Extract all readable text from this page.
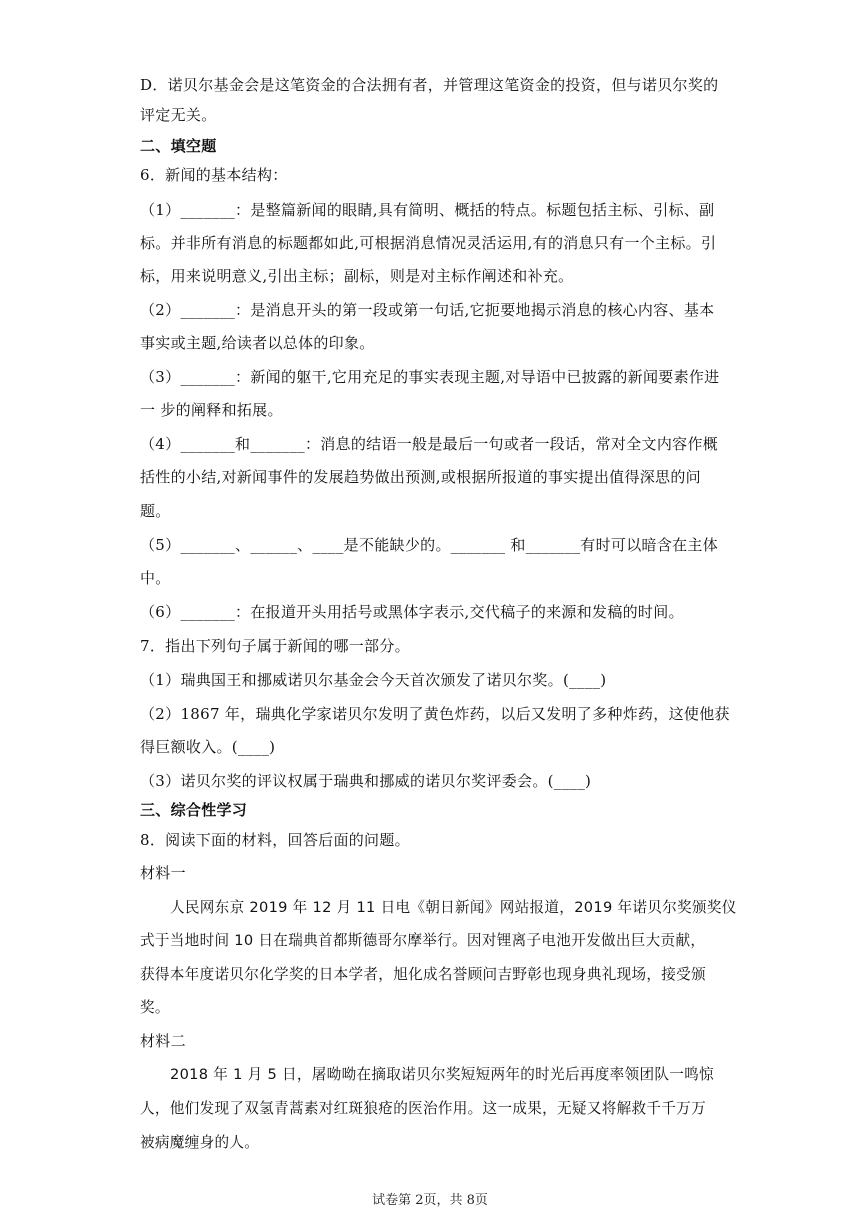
D．诺贝尔基金会是这笔资金的合法拥有者，并管理这笔资金的投资，但与诺贝尔奖的
评定无关。
二、填空题
6．新闻的基本结构：
（1）_______：是整篇新闻的眼睛,具有简明、概括的特点。标题包括主标、引标、副
标。并非所有消息的标题都如此,可根据消息情况灵活运用,有的消息只有一个主标。引
标，用来说明意义,引出主标；副标，则是对主标作阐述和补充。
（2）_______：是消息开头的第一段或第一句话,它扼要地揭示消息的核心内容、基本
事实或主题,给读者以总体的印象。
（3）_______：新闻的躯干,它用充足的事实表现主题,对导语中已披露的新闻要素作进
一 步的阐释和拓展。
（4）_______和_______：消息的结语一般是最后一句或者一段话，常对全文内容作概
括性的小结,对新闻事件的发展趋势做出预测,或根据所报道的事实提出值得深思的问
题。
（5）_______、______、____是不能缺少的。_______ 和_______有时可以暗含在主体
中。
（6）_______：在报道开头用括号或黑体字表示,交代稿子的来源和发稿的时间。
7．指出下列句子属于新闻的哪一部分。
（1）瑞典国王和挪威诺贝尔基金会今天首次颁发了诺贝尔奖。(____)
（2）1867 年，瑞典化学家诺贝尔发明了黄色炸药，以后又发明了多种炸药，这使他获
得巨额收入。(____)
（3）诺贝尔奖的评议权属于瑞典和挪威的诺贝尔奖评委会。(____)
三、综合性学习
8．阅读下面的材料，回答后面的问题。
材料一
人民网东京 2019 年 12 月 11 日电《朝日新闻》网站报道，2019 年诺贝尔奖颁奖仪
式于当地时间 10 日在瑞典首都斯德哥尔摩举行。因对锂离子电池开发做出巨大贡献，
获得本年度诺贝尔化学奖的日本学者，旭化成名誉顾问吉野彰也现身典礼现场，接受颁
奖。
材料二
2018 年 1 月 5 日，屠呦呦在摘取诺贝尔奖短短两年的时光后再度率领团队一鸣惊
人，他们发现了双氢青蒿素对红斑狼疮的医治作用。这一成果，无疑又将解救千千万万
被病魔缠身的人。
试卷第 2页，共 8页
